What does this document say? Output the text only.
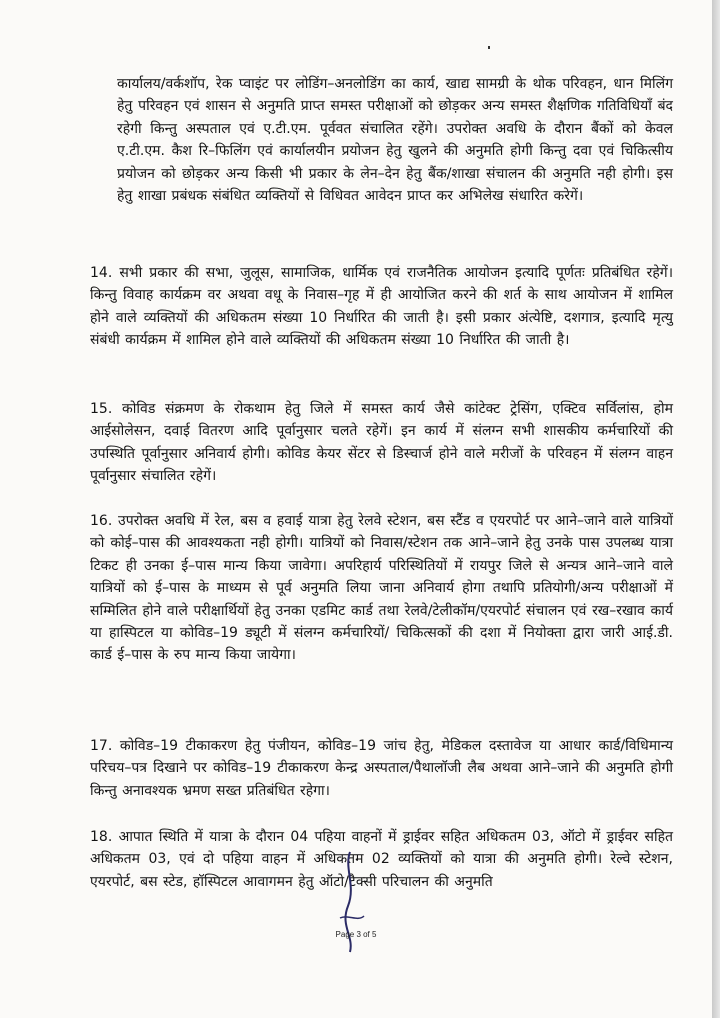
कार्यालय/वर्कशॉप, रेक प्वाइंट पर लोडिंग–अनलोडिंग का कार्य, खाद्य सामग्री के थोक परिवहन, धान मिलिंग हेतु परिवहन एवं शासन से अनुमति प्राप्त समस्त परीक्षाओं को छोड़कर अन्य समस्त शैक्षणिक गतिविधियाँ बंद रहेगी किन्तु अस्पताल एवं ए.टी.एम. पूर्ववत संचालित रहेंगे। उपरोक्त अवधि के दौरान बैंकों को केवल ए.टी.एम. कैश रि–फिलिंग एवं कार्यालयीन प्रयोजन हेतु खुलने की अनुमति होगी किन्तु दवा एवं चिकित्सीय प्रयोजन को छोड़कर अन्य किसी भी प्रकार के लेन–देन हेतु बैंक/शाखा संचालन की अनुमति नही होगी। इस हेतु शाखा प्रबंधक संबंधित व्यक्तियों से विधिवत आवेदन प्राप्त कर अभिलेख संधारित करेगें।

14. सभी प्रकार की सभा, जुलूस, सामाजिक, धार्मिक एवं राजनैतिक आयोजन इत्यादि पूर्णतः प्रतिबंधित रहेगें। किन्तु विवाह कार्यक्रम वर अथवा वधू के निवास–गृह में ही आयोजित करने की शर्त के साथ आयोजन में शामिल होने वाले व्यक्तियों की अधिकतम संख्या 10 निर्धारित की जाती है। इसी प्रकार अंत्येष्टि, दशगात्र, इत्यादि मृत्यु संबंधी कार्यक्रम में शामिल होने वाले व्यक्तियों की अधिकतम संख्या 10 निर्धारित की जाती है।

15. कोविड संक्रमण के रोकथाम हेतु जिले में समस्त कार्य जैसे कांटेक्ट ट्रेसिंग, एक्टिव सर्विलांस, होम आईसोलेसन, दवाई वितरण आदि पूर्वानुसार चलते रहेगें। इन कार्य में संलग्न सभी शासकीय कर्मचारियों की उपस्थिति पूर्वानुसार अनिवार्य होगी। कोविड केयर सेंटर से डिस्चार्ज होने वाले मरीजों के परिवहन में संलग्न वाहन पूर्वानुसार संचालित रहेगें।

16. उपरोक्त अवधि में रेल, बस व हवाई यात्रा हेतु रेलवे स्टेशन, बस स्टैंड व एयरपोर्ट पर आने–जाने वाले यात्रियों को कोई–पास की आवश्यकता नही होगी। यात्रियों को निवास/स्टेशन तक आने–जाने हेतु उनके पास उपलब्ध यात्रा टिकट ही उनका ई–पास मान्य किया जावेगा। अपरिहार्य परिस्थितियों में रायपुर जिले से अन्यत्र आने–जाने वाले यात्रियों को ई–पास के माध्यम से पूर्व अनुमति लिया जाना अनिवार्य होगा तथापि प्रतियोगी/अन्य परीक्षाओं में सम्मिलित होने वाले परीक्षार्थियों हेतु उनका एडमिट कार्ड तथा रेलवे/टेलीकॉम/एयरपोर्ट संचालन एवं रख–रखाव कार्य या हास्पिटल या कोविड–19 ड्यूटी में संलग्न कर्मचारियों/ चिकित्सकों की दशा में नियोक्ता द्वारा जारी आई.डी. कार्ड ई–पास के रुप मान्य किया जायेगा।

17. कोविड–19 टीकाकरण हेतु पंजीयन, कोविड–19 जांच हेतु, मेडिकल दस्तावेज या आधार कार्ड/विधिमान्य परिचय–पत्र दिखाने पर कोविड–19 टीकाकरण केन्द्र अस्पताल/पैथालॉजी लैब अथवा आने–जाने की अनुमति होगी किन्तु अनावश्यक भ्रमण सख्त प्रतिबंधित रहेगा।

18. आपात स्थिति में यात्रा के दौरान 04 पहिया वाहनों में ड्राईवर सहित अधिकतम 03, ऑटो में ड्राईवर सहित अधिकतम 03, एवं दो पहिया वाहन में अधिकतम 02 व्यक्तियों को यात्रा की अनुमति होगी। रेल्वे स्टेशन, एयरपोर्ट, बस स्टेड, हॉस्पिटल आवागमन हेतु ऑटो/टैक्सी परिचालन की अनुमति

Page 3 of 5
